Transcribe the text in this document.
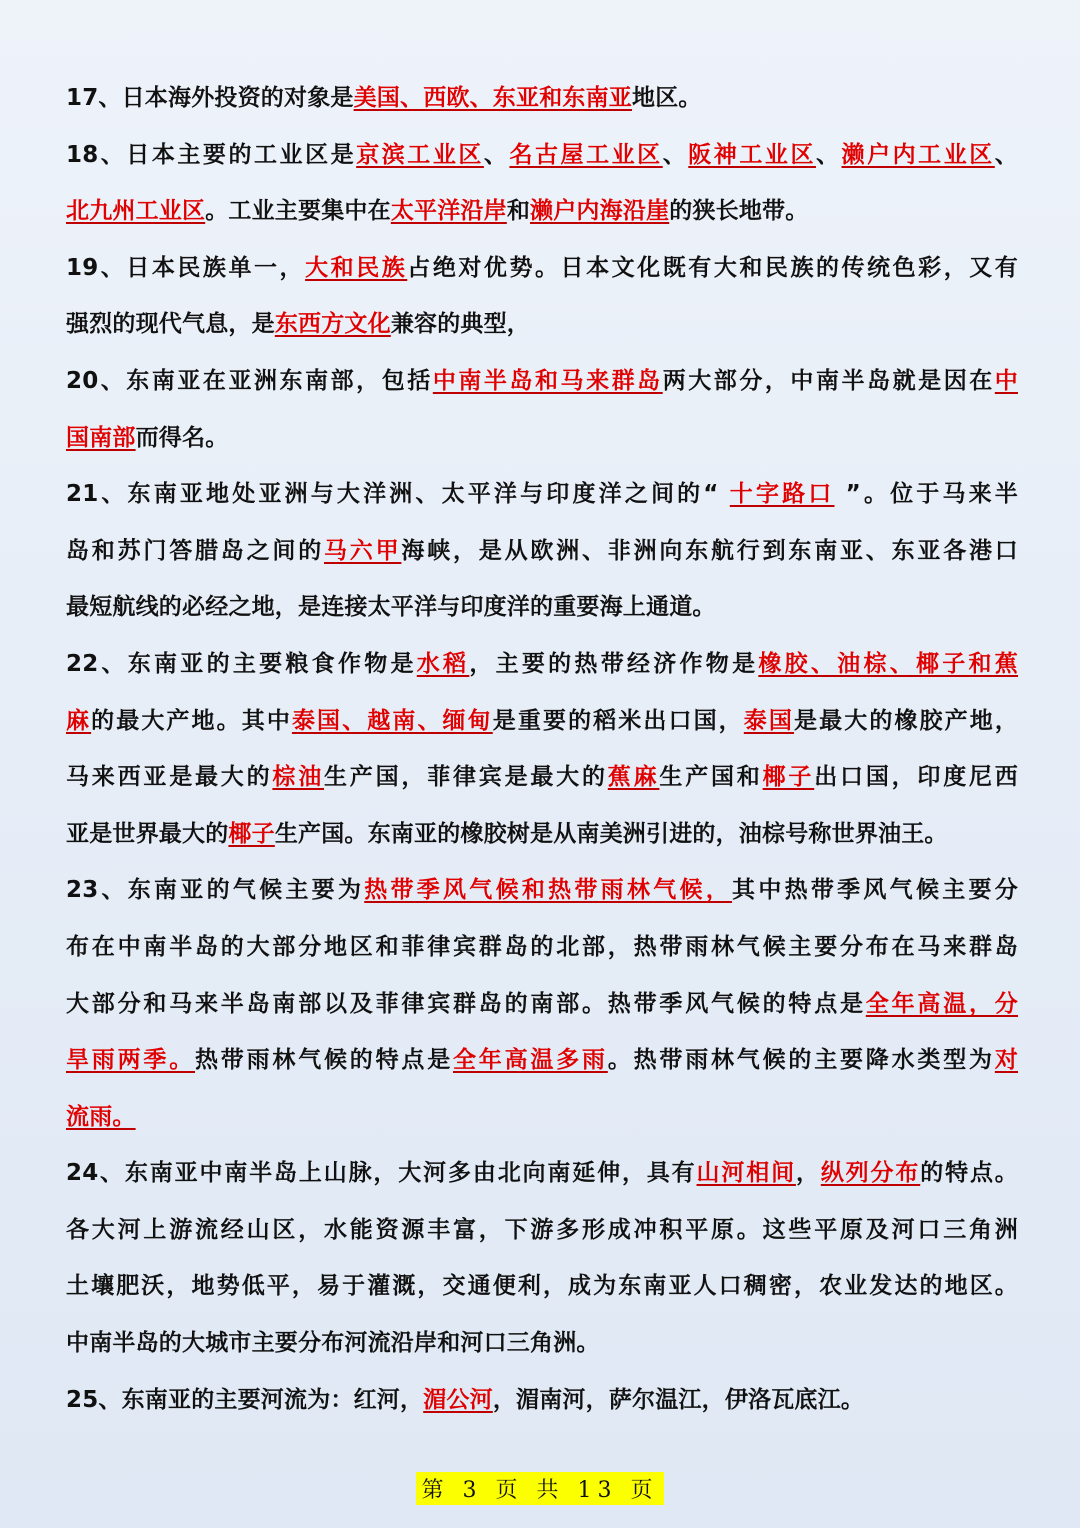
17、日本海外投资的对象是美国、西欧、东亚和东南亚地区。
18、日本主要的工业区是京滨工业区、名古屋工业区、阪神工业区、濑户内工业区、
北九州工业区。工业主要集中在太平洋沿岸和濑户内海沿崖的狭长地带。
19、日本民族单一，大和民族占绝对优势。日本文化既有大和民族的传统色彩，又有
强烈的现代气息，是东西方文化兼容的典型，
20、东南亚在亚洲东南部，包括中南半岛和马来群岛两大部分，中南半岛就是因在中
国南部而得名。
21、东南亚地处亚洲与大洋洲、太平洋与印度洋之间的“ 十字路口 ”。位于马来半
岛和苏门答腊岛之间的马六甲海峡，是从欧洲、非洲向东航行到东南亚、东亚各港口
最短航线的必经之地，是连接太平洋与印度洋的重要海上通道。
22、东南亚的主要粮食作物是水稻，主要的热带经济作物是橡胶、油棕、椰子和蕉
麻的最大产地。其中泰国、越南、缅甸是重要的稻米出口国，泰国是最大的橡胶产地，
马来西亚是最大的棕油生产国，菲律宾是最大的蕉麻生产国和椰子出口国，印度尼西
亚是世界最大的椰子生产国。东南亚的橡胶树是从南美洲引进的，油棕号称世界油王。
23、东南亚的气候主要为热带季风气候和热带雨林气候，其中热带季风气候主要分
布在中南半岛的大部分地区和菲律宾群岛的北部，热带雨林气候主要分布在马来群岛
大部分和马来半岛南部以及菲律宾群岛的南部。热带季风气候的特点是全年高温，分
旱雨两季。热带雨林气候的特点是全年高温多雨。热带雨林气候的主要降水类型为对
流雨。
24、东南亚中南半岛上山脉，大河多由北向南延伸，具有山河相间，纵列分布的特点。
各大河上游流经山区，水能资源丰富，下游多形成冲积平原。这些平原及河口三角洲
土壤肥沃，地势低平，易于灌溉，交通便利，成为东南亚人口稠密，农业发达的地区。
中南半岛的大城市主要分布河流沿岸和河口三角洲。
25、东南亚的主要河流为：红河，湄公河，湄南河，萨尔温江，伊洛瓦底江。
第 3 页 共 13 页
